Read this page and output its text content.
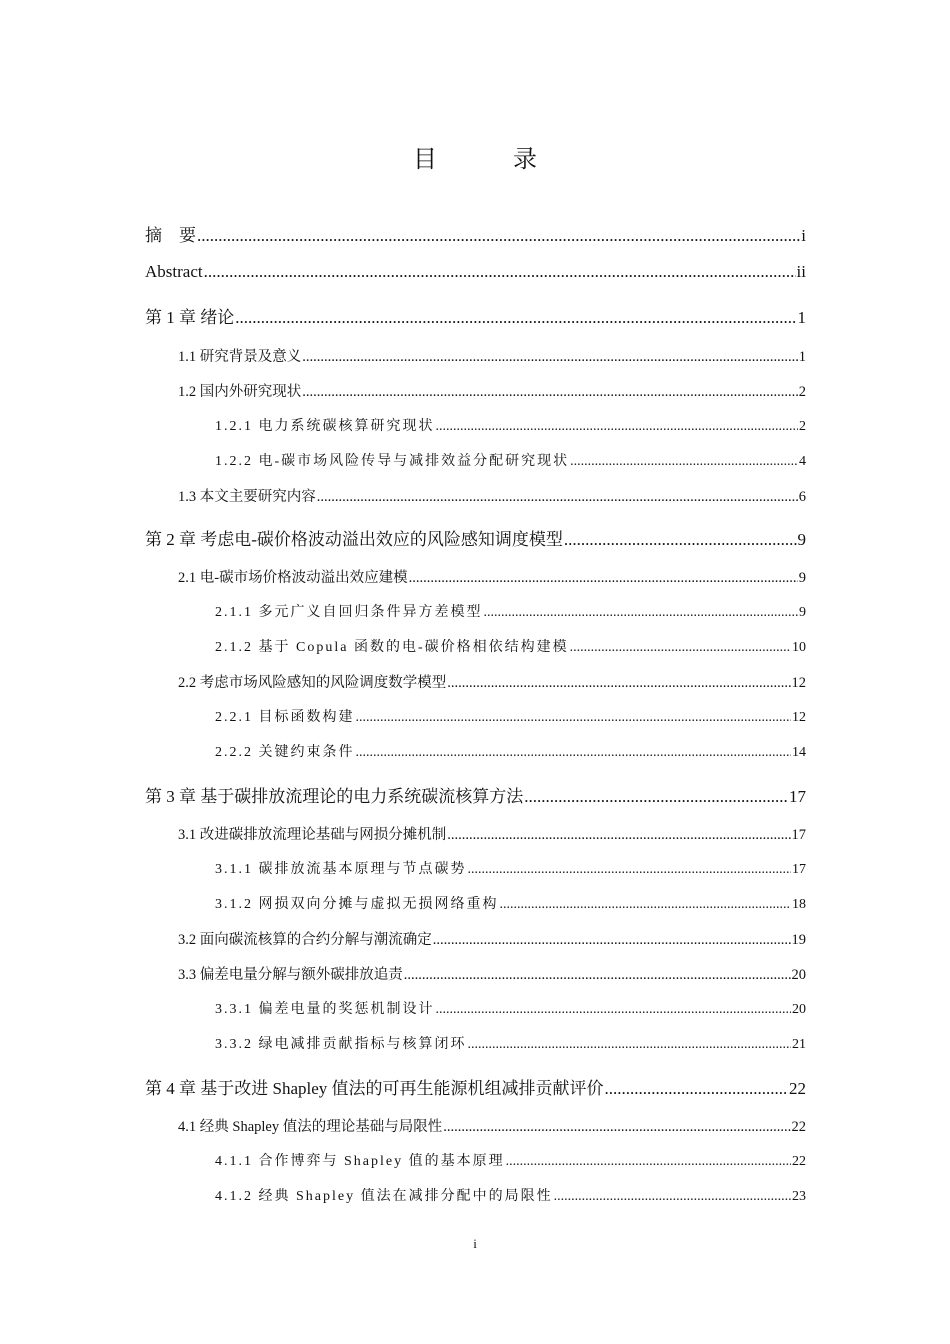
目　录
摘　要 .....	i
Abstract .....	ii
第 1 章 绪论 .....	1
1.1 研究背景及意义 .....	1
1.2 国内外研究现状 .....	2
1.2.1 电力系统碳核算研究现状 .....	2
1.2.2 电-碳市场风险传导与减排效益分配研究现状 .....	4
1.3 本文主要研究内容 .....	6
第 2 章 考虑电-碳价格波动溢出效应的风险感知调度模型 .....	9
2.1 电-碳市场价格波动溢出效应建模 .....	9
2.1.1 多元广义自回归条件异方差模型 .....	9
2.1.2 基于 Copula 函数的电-碳价格相依结构建模 .....	10
2.2 考虑市场风险感知的风险调度数学模型 .....	12
2.2.1 目标函数构建 .....	12
2.2.2 关键约束条件 .....	14
第 3 章 基于碳排放流理论的电力系统碳流核算方法 .....	17
3.1 改进碳排放流理论基础与网损分摊机制 .....	17
3.1.1 碳排放流基本原理与节点碳势 .....	17
3.1.2 网损双向分摊与虚拟无损网络重构 .....	18
3.2 面向碳流核算的合约分解与潮流确定 .....	19
3.3 偏差电量分解与额外碳排放追责 .....	20
3.3.1 偏差电量的奖惩机制设计 .....	20
3.3.2 绿电减排贡献指标与核算闭环 .....	21
第 4 章 基于改进 Shapley 值法的可再生能源机组减排贡献评价 .....	22
4.1 经典 Shapley 值法的理论基础与局限性 .....	22
4.1.1 合作博弈与 Shapley 值的基本原理 .....	22
4.1.2 经典 Shapley 值法在减排分配中的局限性 .....	23
i
